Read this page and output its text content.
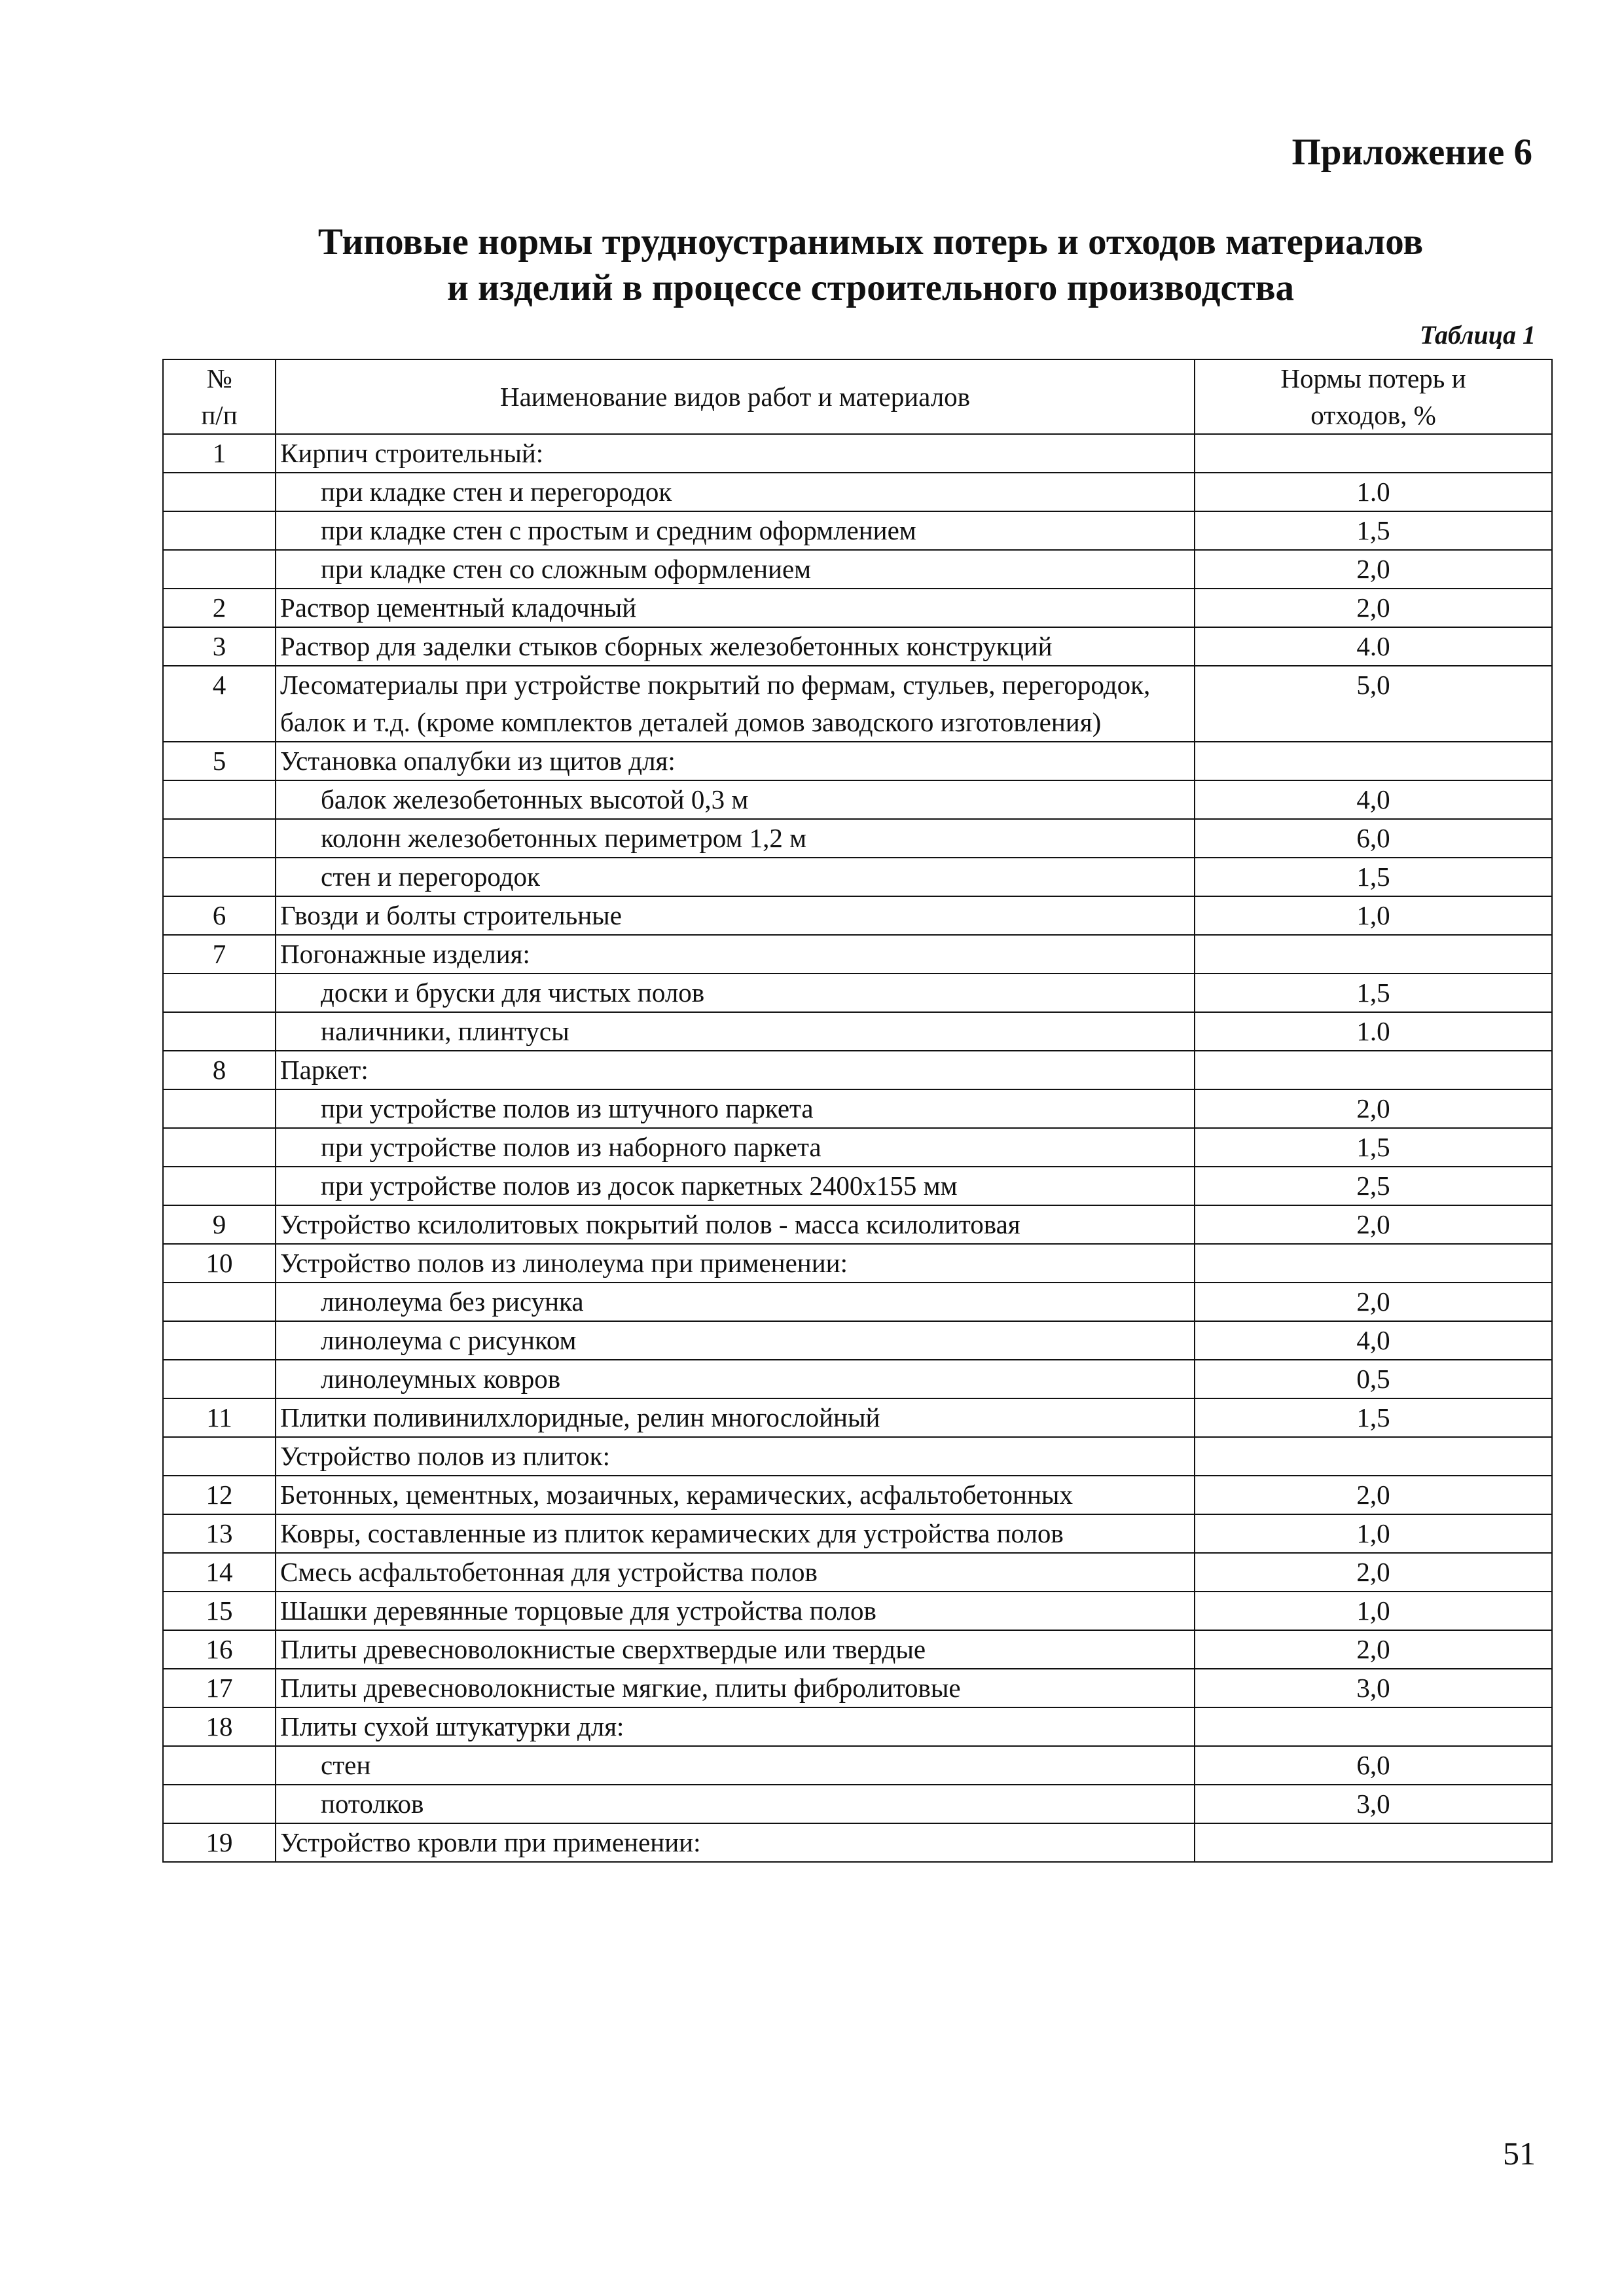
Приложение 6

Типовые нормы трудноустранимых потерь и отходов материалов
и изделий в процессе строительного производства
Таблица 1
№
п/п	Наименование видов работ и материалов	Нормы потерь и
отходов, %
1	Кирпич строительный:	
	при кладке стен и перегородок	1.0
	при кладке стен с простым и средним оформлением	1,5
	при кладке стен со сложным оформлением	2,0
2	Раствор цементный кладочный	2,0
3	Раствор для заделки стыков сборных железобетонных конструкций	4.0
4	Лесоматериалы при устройстве покрытий по фермам, стульев, перегородок, балок и т.д. (кроме комплектов деталей домов заводского изготовления)	5,0
5	Установка опалубки из щитов для:	
	балок железобетонных высотой 0,3 м	4,0
	колонн железобетонных периметром 1,2 м	6,0
	стен и перегородок	1,5
6	Гвозди и болты строительные	1,0
7	Погонажные изделия:	
	доски и бруски для чистых полов	1,5
	наличники, плинтусы	1.0
8	Паркет:	
	при устройстве полов из штучного паркета	2,0
	при устройстве полов из наборного паркета	1,5
	при устройстве полов из досок паркетных 2400х155 мм	2,5
9	Устройство ксилолитовых покрытий полов - масса ксилолитовая	2,0
10	Устройство полов из линолеума при применении:	
	линолеума без рисунка	2,0
	линолеума с рисунком	4,0
	линолеумных ковров	0,5
11	Плитки поливинилхлоридные, релин многослойный	1,5
	Устройство полов из плиток:	
12	Бетонных, цементных, мозаичных, керамических, асфальтобетонных	2,0
13	Ковры, составленные из плиток керамических для устройства полов	1,0
14	Смесь асфальтобетонная для устройства полов	2,0
15	Шашки деревянные торцовые для устройства полов	1,0
16	Плиты древесноволокнистые сверхтвердые или твердые	2,0
17	Плиты древесноволокнистые мягкие, плиты фибролитовые	3,0
18	Плиты сухой штукатурки для:	
	стен	6,0
	потолков	3,0
19	Устройство кровли при применении:	
51
